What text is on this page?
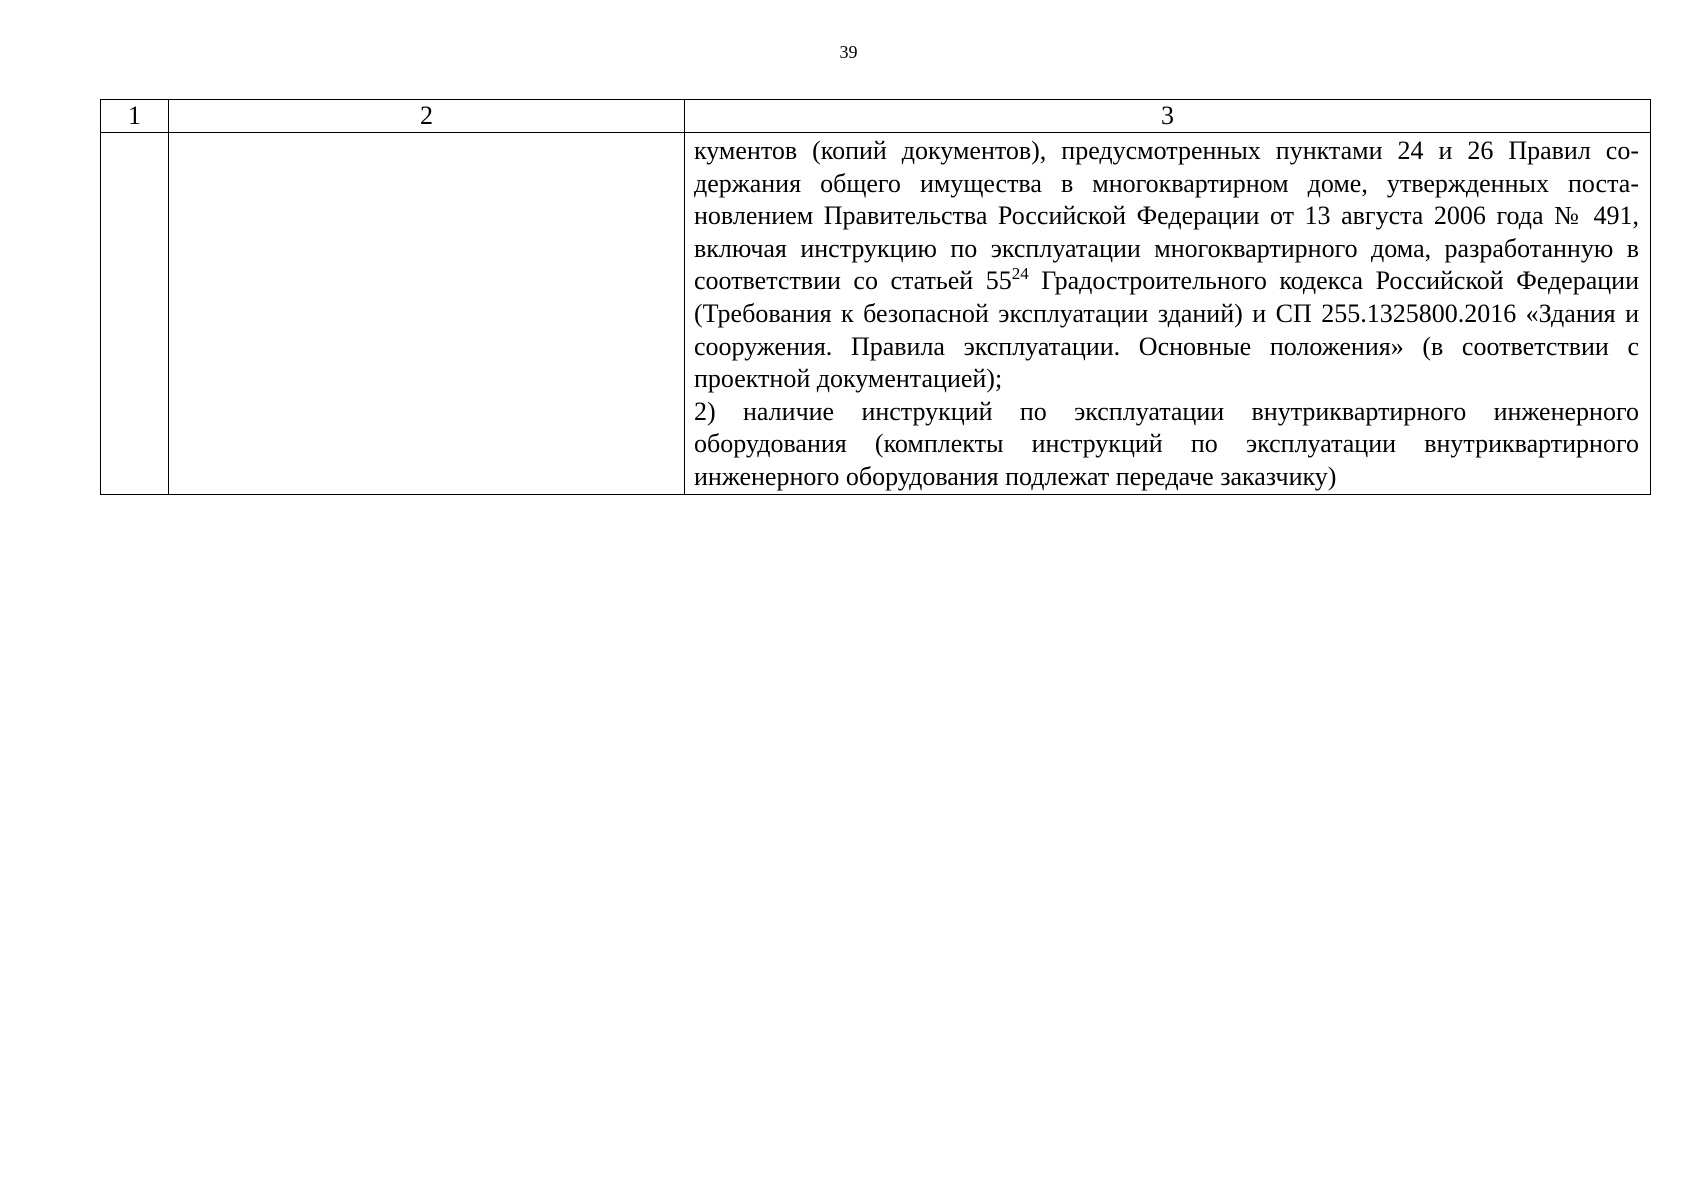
39
1	2	3

		кументов (копий документов), предусмотренных пунктами 24 и 26 Правил содержания общего имущества в многоквартирном доме, утвержденных постановлением Правительства Российской Федерации от 13 августа 2006 года № 491, включая инструкцию по эксплуатации многоквартирного дома, разработанную в соответствии со статьей $55^{24}$ Градостроительного кодекса Российской Федерации (Требования к безопасной эксплуатации зданий) и СП 255.1325800.2016 «Здания и сооружения. Правила эксплуатации. Основные положения» (в соответствии с проектной документацией);

2) наличие инструкций по эксплуатации внутриквартирного инженерного оборудования (комплекты инструкций по эксплуатации внутриквартирного инженерного оборудования подлежат передаче заказчику)
